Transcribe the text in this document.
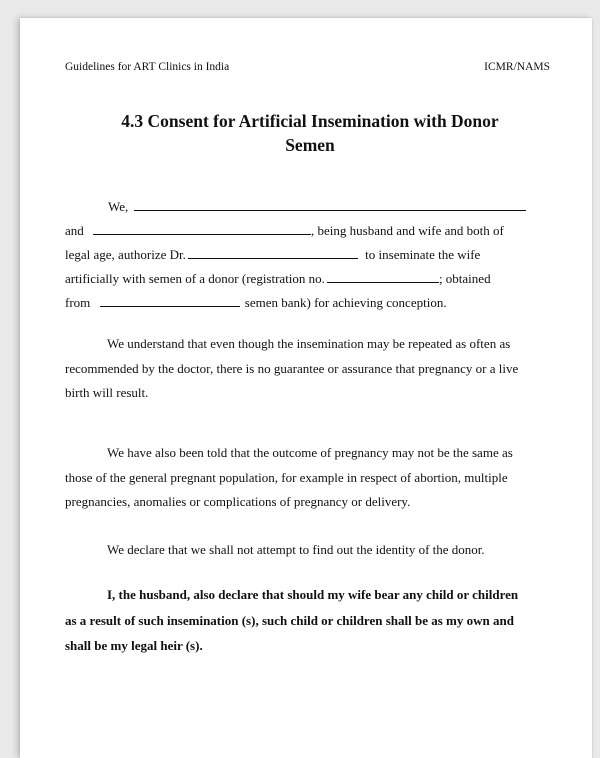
Guidelines for ART Clinics in India	ICMR/NAMS
4.3 Consent for Artificial Insemination with Donor
Semen
We,
and	, being husband and wife and both of
legal age, authorize Dr.	to inseminate the wife
artificially with semen of a donor (registration no.	; obtained
from	semen bank) for achieving conception.

We understand that even though the insemination may be repeated as often as recommended by the doctor, there is no guarantee or assurance that pregnancy or a live birth will result.

We have also been told that the outcome of pregnancy may not be the same as those of the general pregnant population, for example in respect of abortion, multiple pregnancies, anomalies or complications of pregnancy or delivery.

We declare that we shall not attempt to find out the identity of the donor.

I, the husband, also declare that should my wife bear any child or children as a result of such insemination (s), such child or children shall be as my own and shall be my legal heir (s).
